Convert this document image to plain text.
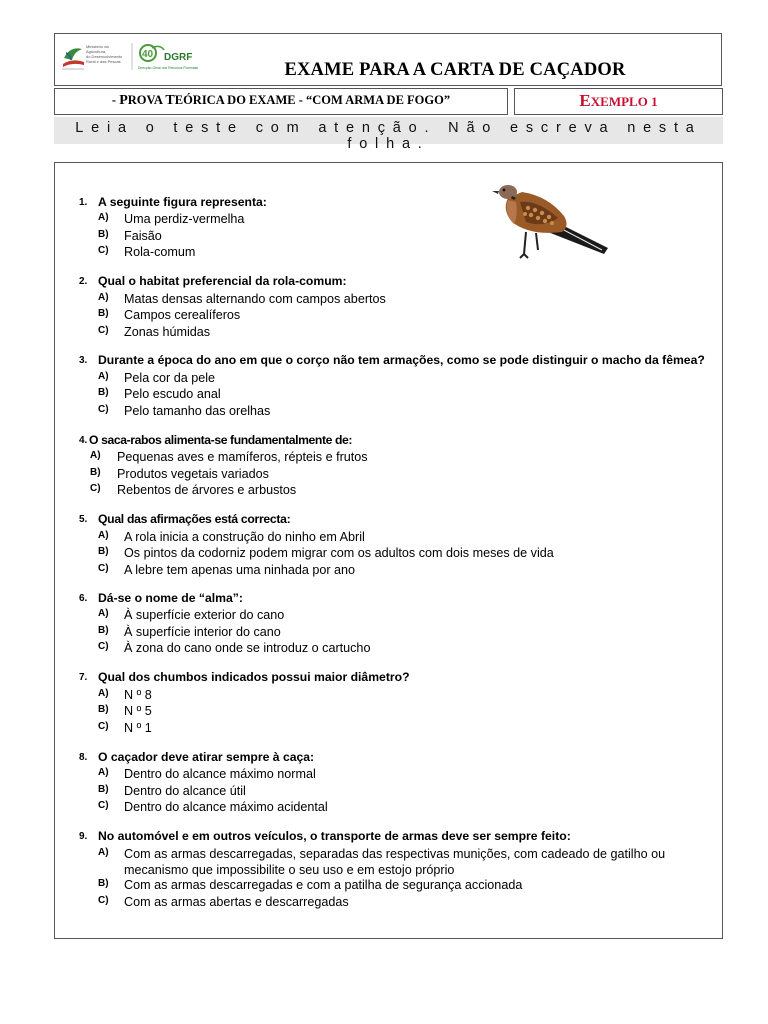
Ministério da
Agricultura,
do Desenvolvimento
Rural e das Pescas
40 DGRF
Direcção-Geral dos Recursos Florestais	EXAME PARA A CARTA DE CAÇADOR
- PROVA TEÓRICA DO EXAME - “COM ARMA DE FOGO”	EXEMPLO 1
Leia o teste com atenção. Não escreva nesta folha.
1. A seguinte figura representa:
A) Uma perdiz-vermelha
B) Faisão
C) Rola-comum
2. Qual o habitat preferencial da rola-comum:
A) Matas densas alternando com campos abertos
B) Campos cerealíferos
C) Zonas húmidas
3. Durante a época do ano em que o corço não tem armações, como se pode distinguir o macho da fêmea?
A) Pela cor da pele
B) Pelo escudo anal
C) Pelo tamanho das orelhas
4. O saca-rabos alimenta-se fundamentalmente de:
A) Pequenas aves e mamíferos, répteis e frutos
B) Produtos vegetais variados
C) Rebentos de árvores e arbustos
5. Qual das afirmações está correcta:
A) A rola inicia a construção do ninho em Abril
B) Os pintos da codorniz podem migrar com os adultos com dois meses de vida
C) A lebre tem apenas uma ninhada por ano
6. Dá-se o nome de “alma”:
A) À superfície exterior do cano
B) À superfície interior do cano
C) À zona do cano onde se introduz o cartucho
7. Qual dos chumbos indicados possui maior diâmetro?
A) N º 8
B) N º 5
C) N º 1
8. O caçador deve atirar sempre à caça:
A) Dentro do alcance máximo normal
B) Dentro do alcance útil
C) Dentro do alcance máximo acidental
9. No automóvel e em outros veículos, o transporte de armas deve ser sempre feito:
A) Com as armas descarregadas, separadas das respectivas munições, com cadeado de gatilho ou mecanismo que impossibilite o seu uso e em estojo próprio
B) Com as armas descarregadas e com a patilha de segurança accionada
C) Com as armas abertas e descarregadas
